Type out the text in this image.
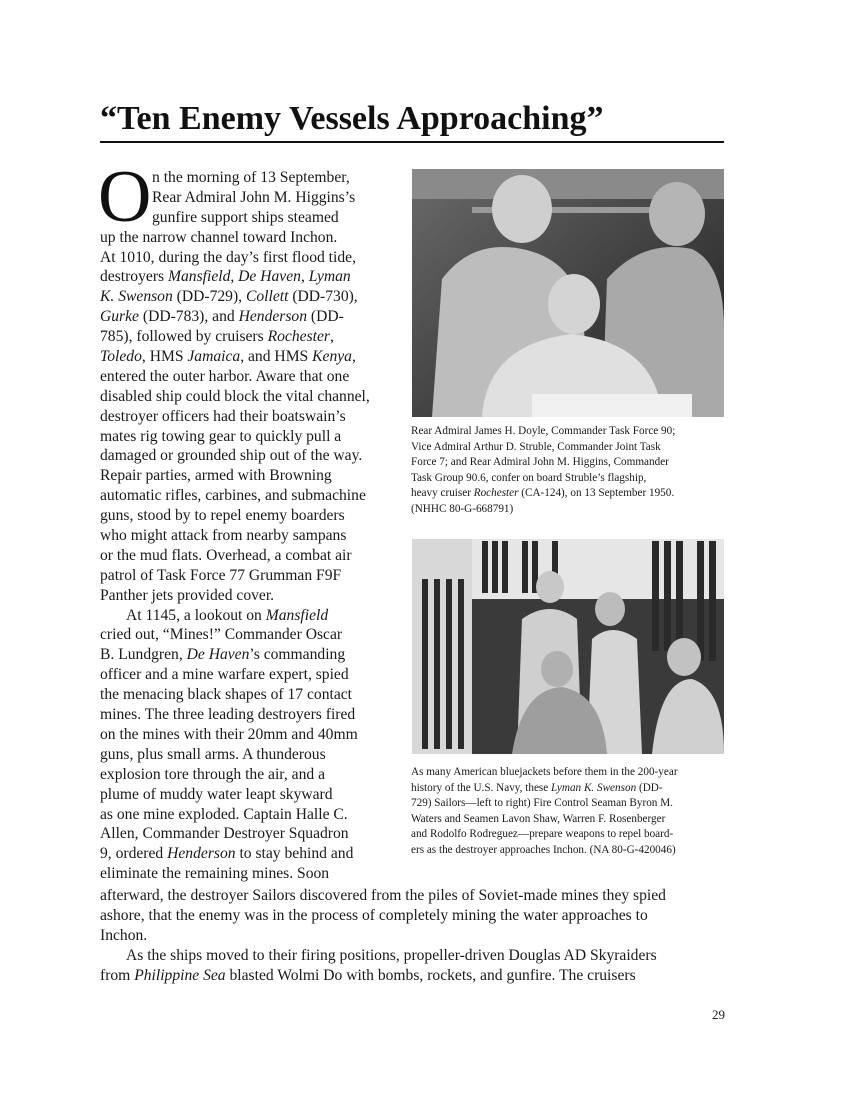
“Ten Enemy Vessels Approaching”
O n the morning of 13 September,
Rear Admiral John M. Higgins’s
gunfire support ships steamed
up the narrow channel toward Inchon.
At 1010, during the day’s first flood tide,
destroyers Mansfield, De Haven, Lyman
K. Swenson (DD-729), Collett (DD-730),
Gurke (DD-783), and Henderson (DD-
785), followed by cruisers Rochester,
Toledo, HMS Jamaica, and HMS Kenya,
entered the outer harbor. Aware that one
disabled ship could block the vital channel,
destroyer officers had their boatswain’s
mates rig towing gear to quickly pull a
damaged or grounded ship out of the way.
Repair parties, armed with Browning
automatic rifles, carbines, and submachine
guns, stood by to repel enemy boarders
who might attack from nearby sampans
or the mud flats. Overhead, a combat air
patrol of Task Force 77 Grumman F9F
Panther jets provided cover.
At 1145, a lookout on Mansfield
cried out, “Mines!” Commander Oscar
B. Lundgren, De Haven’s commanding
officer and a mine warfare expert, spied
the menacing black shapes of 17 contact
mines. The three leading destroyers fired
on the mines with their 20mm and 40mm
guns, plus small arms. A thunderous
explosion tore through the air, and a
plume of muddy water leapt skyward
as one mine exploded. Captain Halle C.
Allen, Commander Destroyer Squadron
9, ordered Henderson to stay behind and
eliminate the remaining mines. Soon
Rear Admiral James H. Doyle, Commander Task Force 90;
Vice Admiral Arthur D. Struble, Commander Joint Task
Force 7; and Rear Admiral John M. Higgins, Commander
Task Group 90.6, confer on board Struble’s flagship,
heavy cruiser Rochester (CA-124), on 13 September 1950.
(NHHC 80-G-668791)
As many American bluejackets before them in the 200-year
history of the U.S. Navy, these Lyman K. Swenson (DD-
729) Sailors—left to right) Fire Control Seaman Byron M.
Waters and Seamen Lavon Shaw, Warren F. Rosenberger
and Rodolfo Rodreguez—prepare weapons to repel board-
ers as the destroyer approaches Inchon. (NA 80-G-420046)
afterward, the destroyer Sailors discovered from the piles of Soviet-made mines they spied
ashore, that the enemy was in the process of completely mining the water approaches to
Inchon.
As the ships moved to their firing positions, propeller-driven Douglas AD Skyraiders
from Philippine Sea blasted Wolmi Do with bombs, rockets, and gunfire. The cruisers
29
